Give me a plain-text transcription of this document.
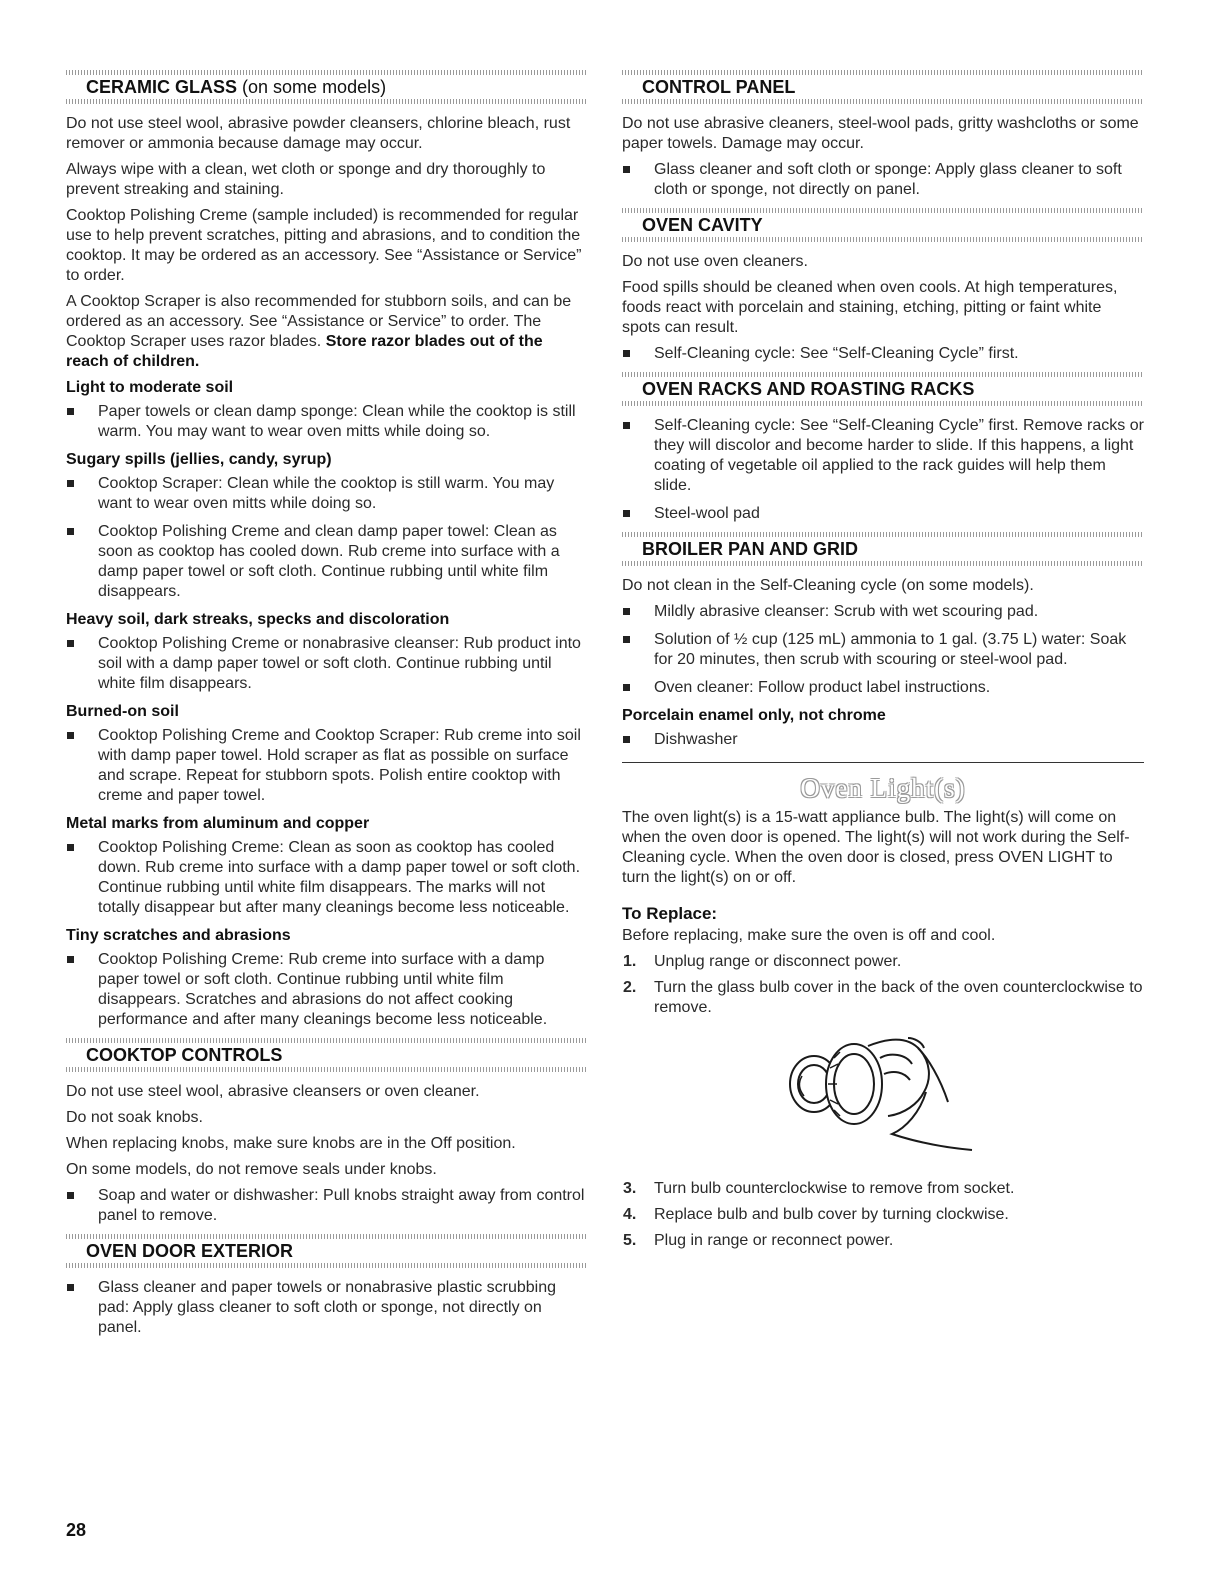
CERAMIC GLASS (on some models)

Do not use steel wool, abrasive powder cleansers, chlorine bleach, rust remover or ammonia because damage may occur.

Always wipe with a clean, wet cloth or sponge and dry thoroughly to prevent streaking and staining.

Cooktop Polishing Creme (sample included) is recommended for regular use to help prevent scratches, pitting and abrasions, and to condition the cooktop. It may be ordered as an accessory. See “Assistance or Service” to order.

A Cooktop Scraper is also recommended for stubborn soils, and can be ordered as an accessory. See “Assistance or Service” to order. The Cooktop Scraper uses razor blades. Store razor blades out of the reach of children.

Light to moderate soil
Paper towels or clean damp sponge: Clean while the cooktop is still warm. You may want to wear oven mitts while doing so.
Sugary spills (jellies, candy, syrup)
Cooktop Scraper: Clean while the cooktop is still warm. You may want to wear oven mitts while doing so.
Cooktop Polishing Creme and clean damp paper towel: Clean as soon as cooktop has cooled down. Rub creme into surface with a damp paper towel or soft cloth. Continue rubbing until white film disappears.
Heavy soil, dark streaks, specks and discoloration
Cooktop Polishing Creme or nonabrasive cleanser: Rub product into soil with a damp paper towel or soft cloth. Continue rubbing until white film disappears.
Burned-on soil
Cooktop Polishing Creme and Cooktop Scraper: Rub creme into soil with damp paper towel. Hold scraper as flat as possible on surface and scrape. Repeat for stubborn spots. Polish entire cooktop with creme and paper towel.
Metal marks from aluminum and copper
Cooktop Polishing Creme: Clean as soon as cooktop has cooled down. Rub creme into surface with a damp paper towel or soft cloth. Continue rubbing until white film disappears. The marks will not totally disappear but after many cleanings become less noticeable.
Tiny scratches and abrasions
Cooktop Polishing Creme: Rub creme into surface with a damp paper towel or soft cloth. Continue rubbing until white film disappears. Scratches and abrasions do not affect cooking performance and after many cleanings become less noticeable.
COOKTOP CONTROLS

Do not use steel wool, abrasive cleansers or oven cleaner.

Do not soak knobs.

When replacing knobs, make sure knobs are in the Off position.

On some models, do not remove seals under knobs.

Soap and water or dishwasher: Pull knobs straight away from control panel to remove.
OVEN DOOR EXTERIOR
Glass cleaner and paper towels or nonabrasive plastic scrubbing pad: Apply glass cleaner to soft cloth or sponge, not directly on panel.
CONTROL PANEL

Do not use abrasive cleaners, steel-wool pads, gritty washcloths or some paper towels. Damage may occur.

Glass cleaner and soft cloth or sponge: Apply glass cleaner to soft cloth or sponge, not directly on panel.
OVEN CAVITY

Do not use oven cleaners.

Food spills should be cleaned when oven cools. At high temperatures, foods react with porcelain and staining, etching, pitting or faint white spots can result.

Self-Cleaning cycle: See “Self-Cleaning Cycle” first.
OVEN RACKS AND ROASTING RACKS
Self-Cleaning cycle: See “Self-Cleaning Cycle” first. Remove racks or they will discolor and become harder to slide. If this happens, a light coating of vegetable oil applied to the rack guides will help them slide.
Steel-wool pad
BROILER PAN AND GRID

Do not clean in the Self-Cleaning cycle (on some models).

Mildly abrasive cleanser: Scrub with wet scouring pad.
Solution of ½ cup (125 mL) ammonia to 1 gal. (3.75 L) water: Soak for 20 minutes, then scrub with scouring or steel-wool pad.
Oven cleaner: Follow product label instructions.
Porcelain enamel only, not chrome
Dishwasher
Oven Light(s)

The oven light(s) is a 15-watt appliance bulb. The light(s) will come on when the oven door is opened. The light(s) will not work during the Self-Cleaning cycle. When the oven door is closed, press OVEN LIGHT to turn the light(s) on or off.

To Replace:

Before replacing, make sure the oven is off and cool.

1. Unplug range or disconnect power.
2. Turn the glass bulb cover in the back of the oven counterclockwise to remove.
3. Turn bulb counterclockwise to remove from socket.
4. Replace bulb and bulb cover by turning clockwise.
5. Plug in range or reconnect power.
28
